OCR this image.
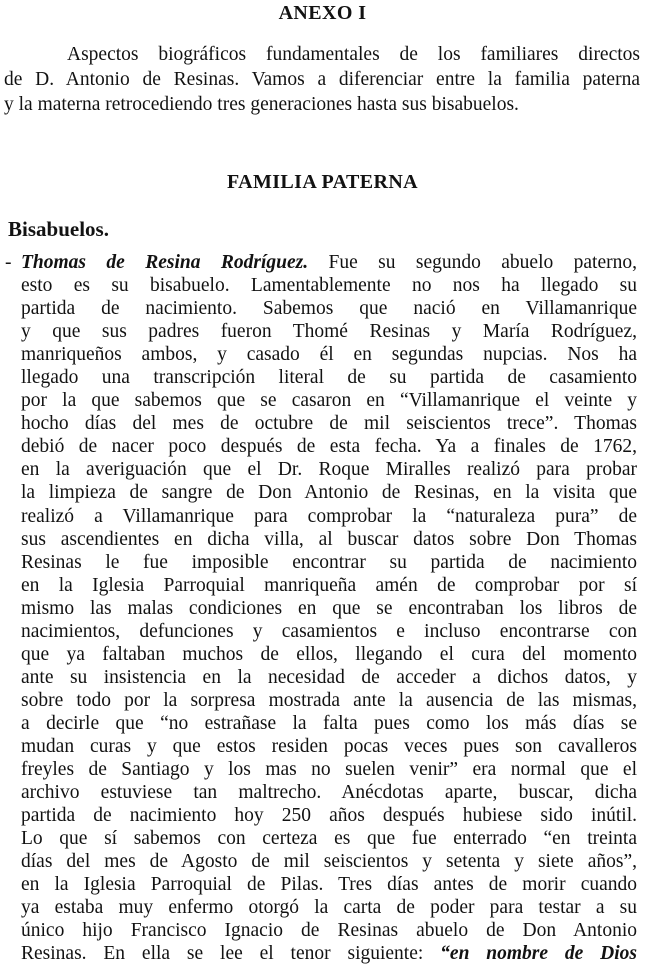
ANEXO I
Aspectos biográficos fundamentales de los familiares directos
de D. Antonio de Resinas. Vamos a diferenciar entre la familia paterna
y la materna retrocediendo tres generaciones hasta sus bisabuelos.
FAMILIA PATERNA
Bisabuelos.
- Thomas de Resina Rodríguez. Fue su segundo abuelo paterno,
esto es su bisabuelo. Lamentablemente no nos ha llegado su
partida de nacimiento. Sabemos que nació en Villamanrique
y que sus padres fueron Thomé Resinas y María Rodríguez,
manriqueños ambos, y casado él en segundas nupcias. Nos ha
llegado una transcripción literal de su partida de casamiento
por la que sabemos que se casaron en “Villamanrique el veinte y
hocho días del mes de octubre de mil seiscientos trece”. Thomas
debió de nacer poco después de esta fecha. Ya a finales de 1762,
en la averiguación que el Dr. Roque Miralles realizó para probar
la limpieza de sangre de Don Antonio de Resinas, en la visita que
realizó a Villamanrique para comprobar la “naturaleza pura” de
sus ascendientes en dicha villa, al buscar datos sobre Don Thomas
Resinas le fue imposible encontrar su partida de nacimiento
en la Iglesia Parroquial manriqueña amén de comprobar por sí
mismo las malas condiciones en que se encontraban los libros de
nacimientos, defunciones y casamientos e incluso encontrarse con
que ya faltaban muchos de ellos, llegando el cura del momento
ante su insistencia en la necesidad de acceder a dichos datos, y
sobre todo por la sorpresa mostrada ante la ausencia de las mismas,
a decirle que “no estrañase la falta pues como los más días se
mudan curas y que estos residen pocas veces pues son cavalleros
freyles de Santiago y los mas no suelen venir” era normal que el
archivo estuviese tan maltrecho. Anécdotas aparte, buscar, dicha
partida de nacimiento hoy 250 años después hubiese sido inútil.
Lo que sí sabemos con certeza es que fue enterrado “en treinta
días del mes de Agosto de mil seiscientos y setenta y siete años”,
en la Iglesia Parroquial de Pilas. Tres días antes de morir cuando
ya estaba muy enfermo otorgó la carta de poder para testar a su
único hijo Francisco Ignacio de Resinas abuelo de Don Antonio
Resinas. En ella se lee el tenor siguiente: “en nombre de Dios
